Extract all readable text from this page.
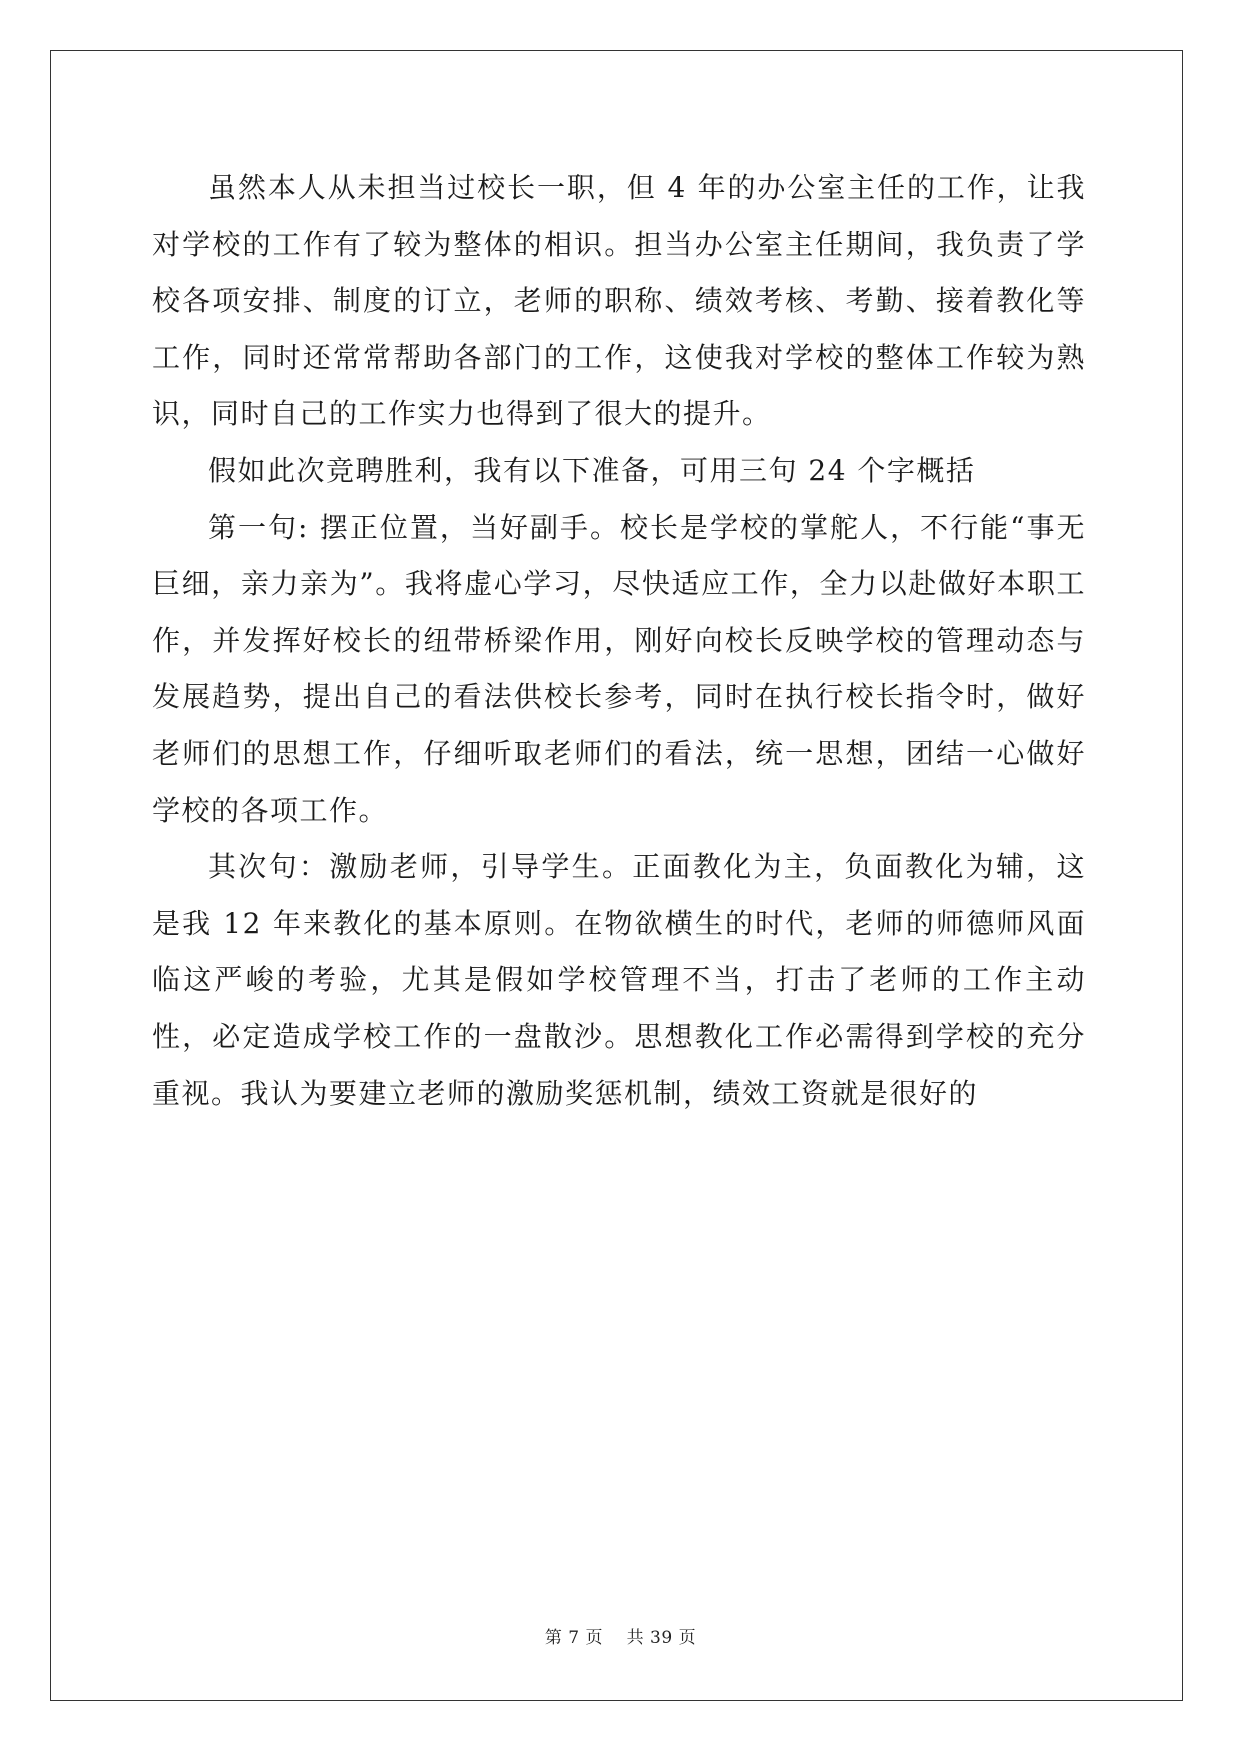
虽然本人从未担当过校长一职，但 4 年的办公室主任的工作，让我对学校的工作有了较为整体的相识。担当办公室主任期间，我负责了学校各项安排、制度的订立，老师的职称、绩效考核、考勤、接着教化等工作，同时还常常帮助各部门的工作，这使我对学校的整体工作较为熟识，同时自己的工作实力也得到了很大的提升。

假如此次竞聘胜利，我有以下准备，可用三句 24 个字概括

第一句: 摆正位置，当好副手。校长是学校的掌舵人，不行能“事无巨细，亲力亲为”。我将虚心学习，尽快适应工作，全力以赴做好本职工作，并发挥好校长的纽带桥梁作用，刚好向校长反映学校的管理动态与发展趋势，提出自己的看法供校长参考，同时在执行校长指令时，做好老师们的思想工作，仔细听取老师们的看法，统一思想，团结一心做好学校的各项工作。

其次句：激励老师，引导学生。正面教化为主，负面教化为辅，这是我 12 年来教化的基本原则。在物欲横生的时代，老师的师德师风面临这严峻的考验，尤其是假如学校管理不当，打击了老师的工作主动性，必定造成学校工作的一盘散沙。思想教化工作必需得到学校的充分重视。我认为要建立老师的激励奖惩机制，绩效工资就是很好的

第 7 页 共 39 页
